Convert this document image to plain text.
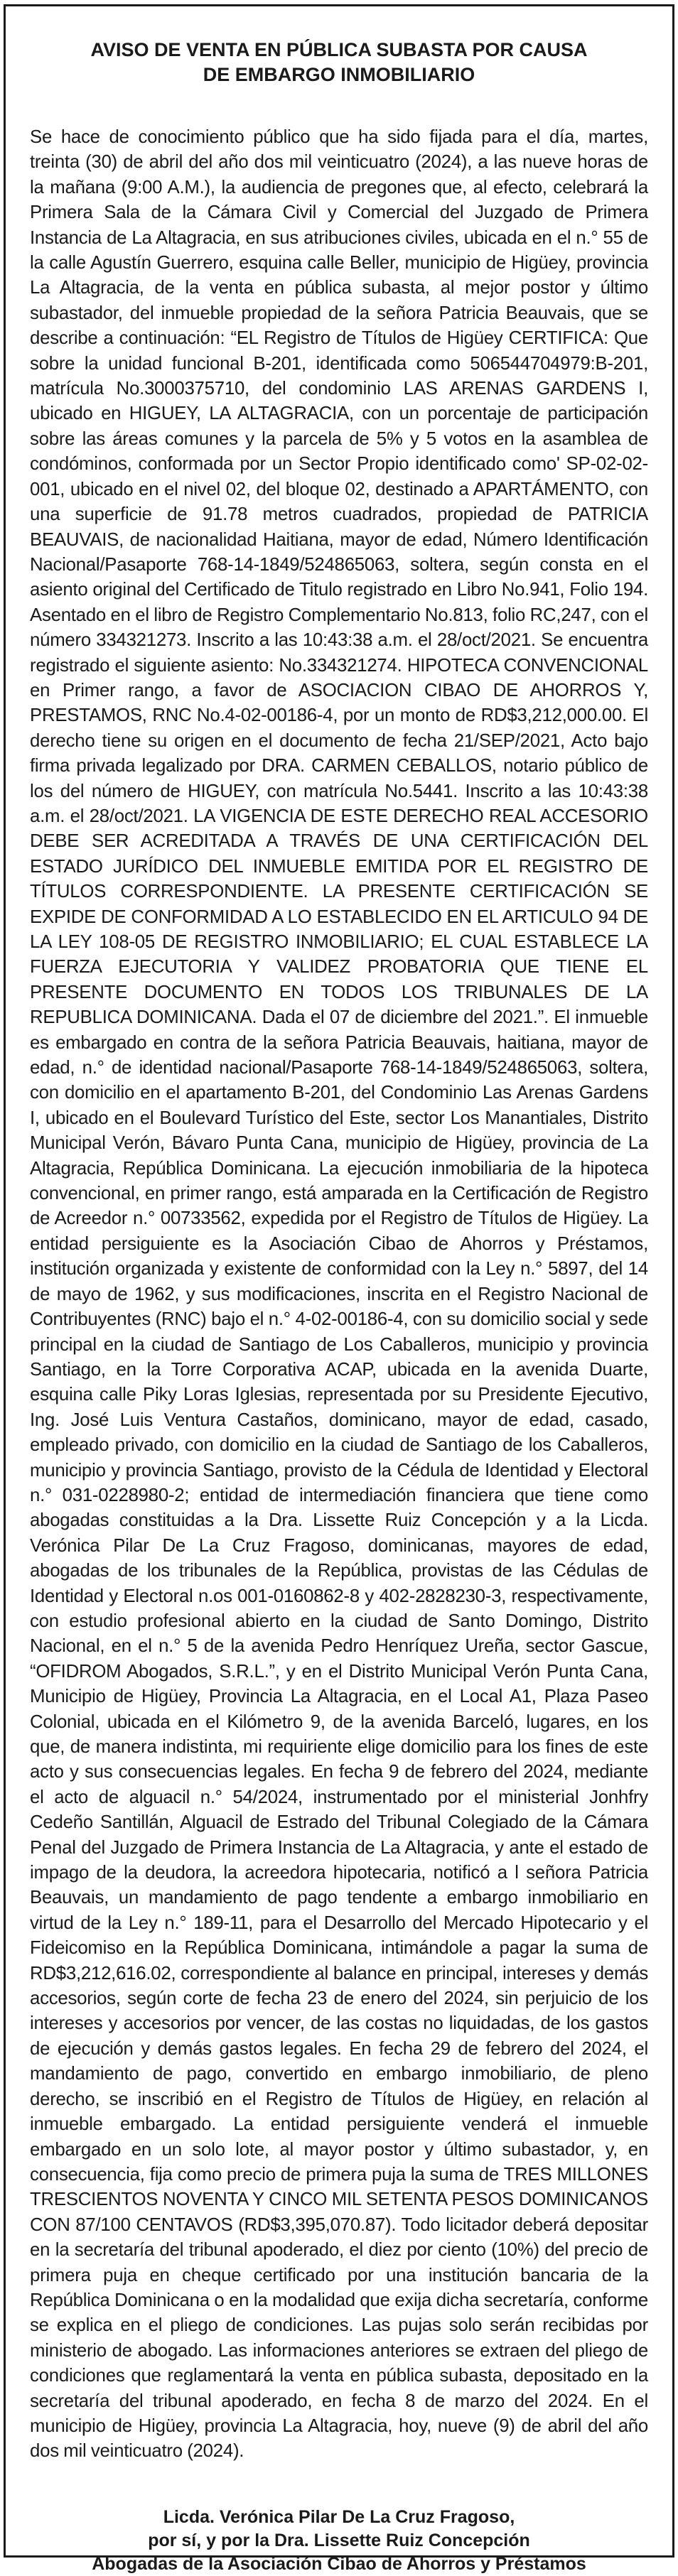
AVISO DE VENTA EN PÚBLICA SUBASTA POR CAUSA
DE EMBARGO INMOBILIARIO

Se hace de conocimiento público que ha sido fijada para el día, martes, treinta (30) de abril del año dos mil veinticuatro (2024), a las nueve horas de la mañana (9:00 A.M.), la audiencia de pregones que, al efecto, celebrará la Primera Sala de la Cámara Civil y Comercial del Juzgado de Primera Instancia de La Altagracia, en sus atribuciones civiles, ubicada en el n.° 55 de la calle Agustín Guerrero, esquina calle Beller, municipio de Higüey, provincia La Altagracia, de la venta en pública subasta, al mejor postor y último subastador, del inmueble propiedad de la señora Patricia Beauvais, que se describe a continuación: “EL Registro de Títulos de Higüey CERTIFICA: Que sobre la unidad funcional B-201, identificada como 506544704979:B-201, matrícula No.3000375710, del condominio LAS ARENAS GARDENS I, ubicado en HIGUEY, LA ALTAGRACIA, con un porcentaje de participación sobre las áreas comunes y la parcela de 5% y 5 votos en la asamblea de condóminos, conformada por un Sector Propio identificado como' SP-02-02-001, ubicado en el nivel 02, del bloque 02, destinado a APARTÁMENTO, con una superficie de 91.78 metros cuadrados, propiedad de PATRICIA BEAUVAIS, de nacionalidad Haitiana, mayor de edad, Número Identificación Nacional/Pasaporte 768-14-1849/524865063, soltera, según consta en el asiento original del Certificado de Titulo registrado en Libro No.941, Folio 194. Asentado en el libro de Registro Complementario No.813, folio RC,247, con el número 334321273. Inscrito a las 10:43:38 a.m. el 28/oct/2021. Se encuentra registrado el siguiente asiento: No.334321274. HIPOTECA CONVENCIONAL en Primer rango, a favor de ASOCIACION CIBAO DE AHORROS Y, PRESTAMOS, RNC No.4-02-00186-4, por un monto de RD$3,212,000.00. El derecho tiene su origen en el documento de fecha 21/SEP/2021, Acto bajo firma privada legalizado por DRA. CARMEN CEBALLOS, notario público de los del número de HIGUEY, con matrícula No.5441. Inscrito a las 10:43:38 a.m. el 28/oct/2021. LA VIGENCIA DE ESTE DERECHO REAL ACCESORIO DEBE SER ACREDITADA A TRAVÉS DE UNA CERTIFICACIÓN DEL ESTADO JURÍDICO DEL INMUEBLE EMITIDA POR EL REGISTRO DE TÍTULOS CORRESPONDIENTE. LA PRESENTE CERTIFICACIÓN SE EXPIDE DE CONFORMIDAD A LO ESTABLECIDO EN EL ARTICULO 94 DE LA LEY 108-05 DE REGISTRO INMOBILIARIO; EL CUAL ESTABLECE LA FUERZA EJECUTORIA Y VALIDEZ PROBATORIA QUE TIENE EL PRESENTE DOCUMENTO EN TODOS LOS TRIBUNALES DE LA REPUBLICA DOMINICANA. Dada el 07 de diciembre del 2021.”. El inmueble es embargado en contra de la señora Patricia Beauvais, haitiana, mayor de edad, n.° de identidad nacional/Pasaporte 768-14-1849/524865063, soltera, con domicilio en el apartamento B-201, del Condominio Las Arenas Gardens I, ubicado en el Boulevard Turístico del Este, sector Los Manantiales, Distrito Municipal Verón, Bávaro Punta Cana, municipio de Higüey, provincia de La Altagracia, República Dominicana. La ejecución inmobiliaria de la hipoteca convencional, en primer rango, está amparada en la Certificación de Registro de Acreedor n.° 00733562, expedida por el Registro de Títulos de Higüey. La entidad persiguiente es la Asociación Cibao de Ahorros y Préstamos, institución organizada y existente de conformidad con la Ley n.° 5897, del 14 de mayo de 1962, y sus modificaciones, inscrita en el Registro Nacional de Contribuyentes (RNC) bajo el n.° 4-02-00186-4, con su domicilio social y sede principal en la ciudad de Santiago de Los Caballeros, municipio y provincia Santiago, en la Torre Corporativa ACAP, ubicada en la avenida Duarte, esquina calle Piky Loras Iglesias, representada por su Presidente Ejecutivo, Ing. José Luis Ventura Castaños, dominicano, mayor de edad, casado, empleado privado, con domicilio en la ciudad de Santiago de los Caballeros, municipio y provincia Santiago, provisto de la Cédula de Identidad y Electoral n.° 031-0228980-2; entidad de intermediación financiera que tiene como abogadas constituidas a la Dra. Lissette Ruiz Concepción y a la Licda. Verónica Pilar De La Cruz Fragoso, dominicanas, mayores de edad, abogadas de los tribunales de la República, provistas de las Cédulas de Identidad y Electoral n.os 001-0160862-8 y 402-2828230-3, respectivamente, con estudio profesional abierto en la ciudad de Santo Domingo, Distrito Nacional, en el n.° 5 de la avenida Pedro Henríquez Ureña, sector Gascue, “OFIDROM Abogados, S.R.L.”, y en el Distrito Municipal Verón Punta Cana, Municipio de Higüey, Provincia La Altagracia, en el Local A1, Plaza Paseo Colonial, ubicada en el Kilómetro 9, de la avenida Barceló, lugares, en los que, de manera indistinta, mi requiriente elige domicilio para los fines de este acto y sus consecuencias legales. En fecha 9 de febrero del 2024, mediante el acto de alguacil n.° 54/2024, instrumentado por el ministerial Jonhfry Cedeño Santillán, Alguacil de Estrado del Tribunal Colegiado de la Cámara Penal del Juzgado de Primera Instancia de La Altagracia, y ante el estado de impago de la deudora, la acreedora hipotecaria, notificó a l señora Patricia Beauvais, un mandamiento de pago tendente a embargo inmobiliario en virtud de la Ley n.° 189-11, para el Desarrollo del Mercado Hipotecario y el Fideicomiso en la República Dominicana, intimándole a pagar la suma de RD$3,212,616.02, correspondiente al balance en principal, intereses y demás accesorios, según corte de fecha 23 de enero del 2024, sin perjuicio de los intereses y accesorios por vencer, de las costas no liquidadas, de los gastos de ejecución y demás gastos legales. En fecha 29 de febrero del 2024, el mandamiento de pago, convertido en embargo inmobiliario, de pleno derecho, se inscribió en el Registro de Títulos de Higüey, en relación al inmueble embargado. La entidad persiguiente venderá el inmueble embargado en un solo lote, al mayor postor y último subastador, y, en consecuencia, fija como precio de primera puja la suma de TRES MILLONES TRESCIENTOS NOVENTA Y CINCO MIL SETENTA PESOS DOMINICANOS CON 87/100 CENTAVOS (RD$3,395,070.87). Todo licitador deberá depositar en la secretaría del tribunal apoderado, el diez por ciento (10%) del precio de primera puja en cheque certificado por una institución bancaria de la República Dominicana o en la modalidad que exija dicha secretaría, conforme se explica en el pliego de condiciones. Las pujas solo serán recibidas por ministerio de abogado. Las informaciones anteriores se extraen del pliego de condiciones que reglamentará la venta en pública subasta, depositado en la secretaría del tribunal apoderado, en fecha 8 de marzo del 2024. En el municipio de Higüey, provincia La Altagracia, hoy, nueve (9) de abril del año dos mil veinticuatro (2024).

Licda. Verónica Pilar De La Cruz Fragoso,
por sí, y por la Dra. Lissette Ruiz Concepción
Abogadas de la Asociación Cibao de Ahorros y Préstamos
